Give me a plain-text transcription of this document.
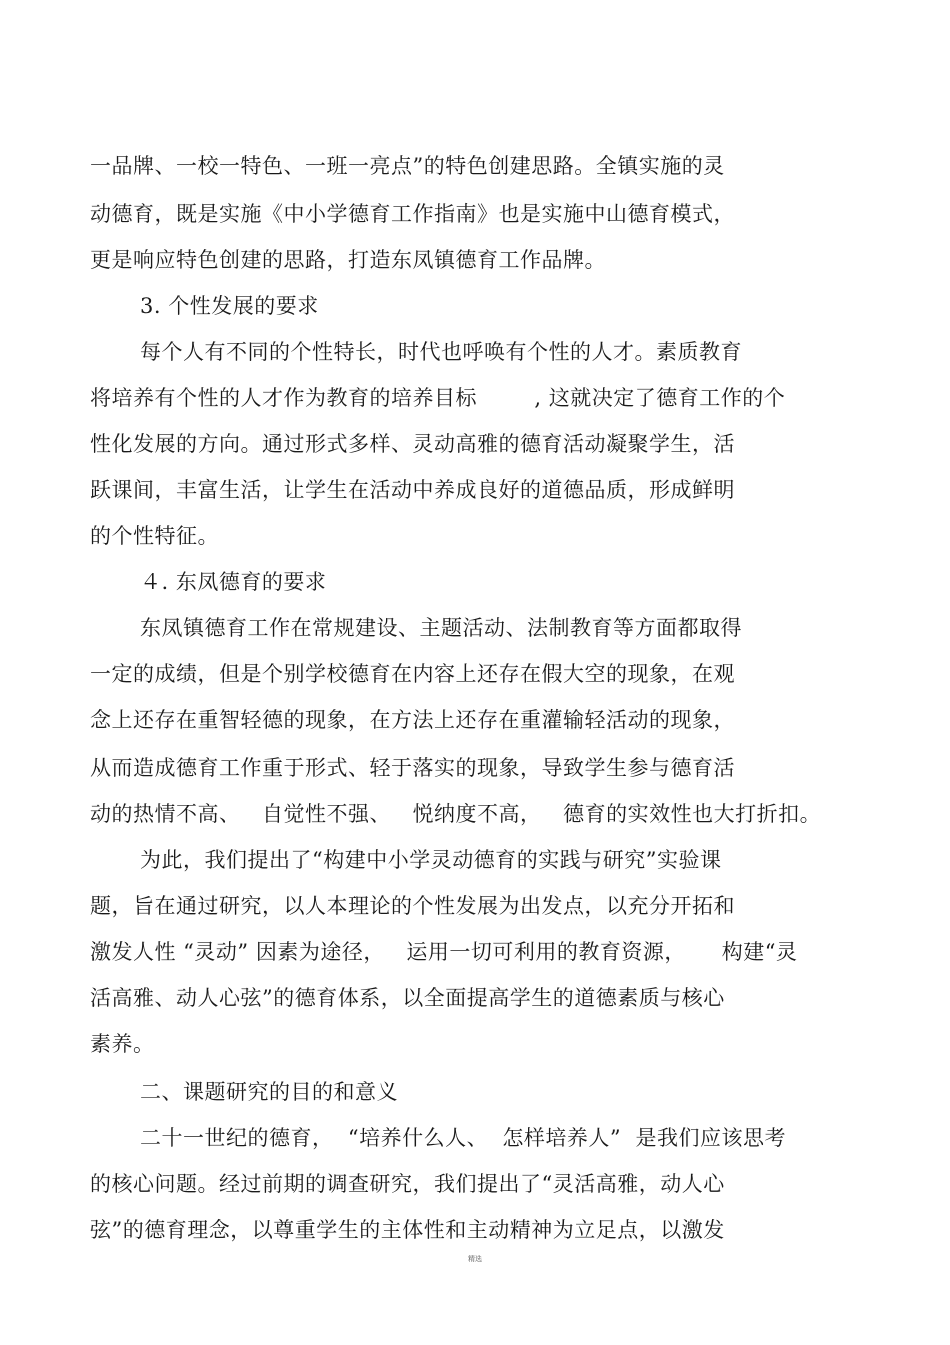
一品牌、一校一特色、一班一亮点”的特色创建思路。全镇实施的灵
动德育，既是实施《中小学德育工作指南》也是实施中山德育模式，
更是响应特色创建的思路，打造东凤镇德育工作品牌。
3. 个性发展的要求
每个人有不同的个性特长，时代也呼唤有个性的人才。素质教育
将培养有个性的人才作为教育的培养目标        , 这就决定了德育工作的个
性化发展的方向。通过形式多样、灵动高雅的德育活动凝聚学生，活
跃课间，丰富生活，让学生在活动中养成良好的道德品质，形成鲜明
的个性特征。
４. 东凤德育的要求
东凤镇德育工作在常规建设、主题活动、法制教育等方面都取得
一定的成绩，但是个别学校德育在内容上还存在假大空的现象，在观
念上还存在重智轻德的现象，在方法上还存在重灌输轻活动的现象，
从而造成德育工作重于形式、轻于落实的现象，导致学生参与德育活
动的热情不高、   自觉性不强、   悦纳度不高，   德育的实效性也大打折扣。
为此，我们提出了“构建中小学灵动德育的实践与研究”实验课
题，旨在通过研究，以人本理论的个性发展为出发点，以充分开拓和
激发人性 “灵动” 因素为途径，   运用一切可利用的教育资源，     构建“灵
活高雅、动人心弦”的德育体系，以全面提高学生的道德素质与核心
素养。
二、课题研究的目的和意义
二十一世纪的德育，  “培养什么人、  怎样培养人”  是我们应该思考
的核心问题。经过前期的调查研究，我们提出了“灵活高雅，动人心
弦”的德育理念，以尊重学生的主体性和主动精神为立足点，以激发
精选
